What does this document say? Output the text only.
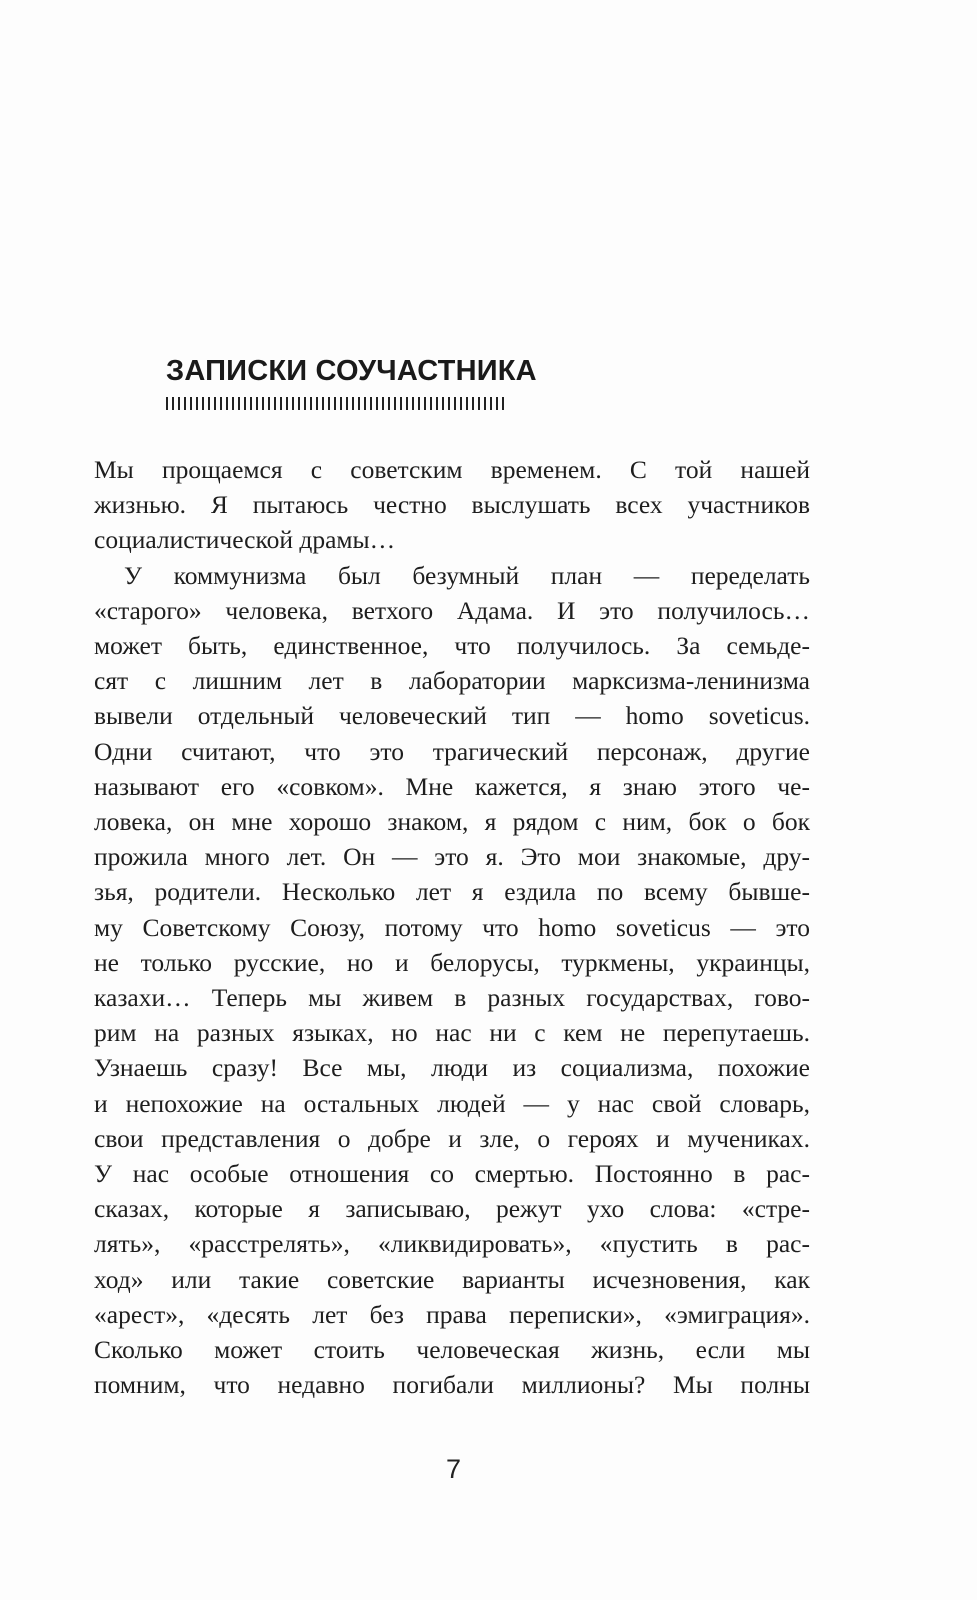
ЗАПИСКИ СОУЧАСТНИКА
Мы прощаемся с советским временем. С той нашей
жизнью. Я пытаюсь честно выслушать всех участников
социалистической драмы…
У коммунизма был безумный план — переделать
«старого» человека, ветхого Адама. И это получилось…
может быть, единственное, что получилось. За семьде-
сят с лишним лет в лаборатории марксизма-ленинизма
вывели отдельный человеческий тип — homo soveticus.
Одни считают, что это трагический персонаж, другие
называют его «совком». Мне кажется, я знаю этого че-
ловека, он мне хорошо знаком, я рядом с ним, бок о бок
прожила много лет. Он — это я. Это мои знакомые, дру-
зья, родители. Несколько лет я ездила по всему бывше-
му Советскому Союзу, потому что homo soveticus — это
не только русские, но и белорусы, туркмены, украинцы,
казахи… Теперь мы живем в разных государствах, гово-
рим на разных языках, но нас ни с кем не перепутаешь.
Узнаешь сразу! Все мы, люди из социализма, похожие
и непохожие на остальных людей — у нас свой словарь,
свои представления о добре и зле, о героях и мучениках.
У нас особые отношения со смертью. Постоянно в рас-
сказах, которые я записываю, режут ухо слова: «стре-
лять», «расстрелять», «ликвидировать», «пустить в рас-
ход» или такие советские варианты исчезновения, как
«арест», «десять лет без права переписки», «эмиграция».
Сколько может стоить человеческая жизнь, если мы
помним, что недавно погибали миллионы? Мы полны
7
